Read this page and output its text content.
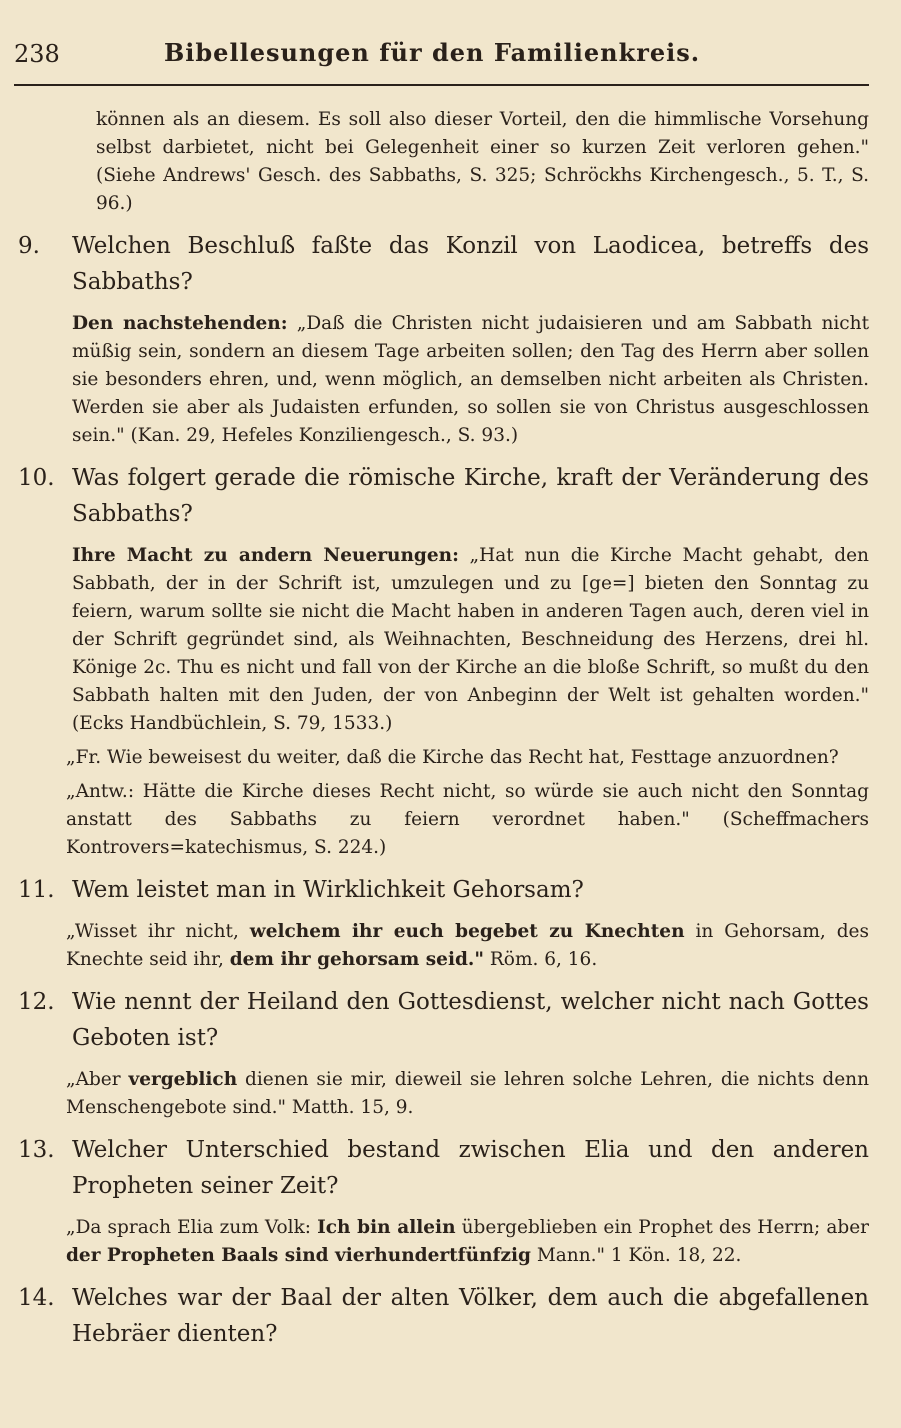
238	Bibellesungen für den Familienkreis.

können als an diesem. Es soll also dieser Vorteil, den die himmlische Vorsehung selbst darbietet, nicht bei Gelegenheit einer so kurzen Zeit verloren gehen." (Siehe Andrews' Gesch. des Sabbaths, S. 325; Schröckhs Kirchengesch., 5. T., S. 96.)

9. Welchen Beschluß faßte das Konzil von Laodicea, betreffs des Sabbaths?

Den nachstehenden: „Daß die Christen nicht judaisieren und am Sabbath nicht müßig sein, sondern an diesem Tage arbeiten sollen; den Tag des Herrn aber sollen sie besonders ehren, und, wenn möglich, an demselben nicht arbeiten als Christen. Werden sie aber als Judaisten erfunden, so sollen sie von Christus ausgeschlossen sein." (Kan. 29, Hefeles Konziliengesch., S. 93.)

10. Was folgert gerade die römische Kirche, kraft der Veränderung des Sabbaths?

Ihre Macht zu andern Neuerungen: „Hat nun die Kirche Macht gehabt, den Sabbath, der in der Schrift ist, umzulegen und zu [ge=] bieten den Sonntag zu feiern, warum sollte sie nicht die Macht haben in anderen Tagen auch, deren viel in der Schrift gegründet sind, als Weihnachten, Beschneidung des Herzens, drei hl. Könige 2c. Thu es nicht und fall von der Kirche an die bloße Schrift, so mußt du den Sabbath halten mit den Juden, der von Anbeginn der Welt ist gehalten worden." (Ecks Handbüchlein, S. 79, 1533.)

„Fr. Wie beweisest du weiter, daß die Kirche das Recht hat, Festtage anzuordnen?

„Antw.: Hätte die Kirche dieses Recht nicht, so würde sie auch nicht den Sonntag anstatt des Sabbaths zu feiern verordnet haben." (Scheffmachers Kontrovers=katechismus, S. 224.)

11. Wem leistet man in Wirklichkeit Gehorsam?

„Wisset ihr nicht, welchem ihr euch begebet zu Knechten in Gehorsam, des Knechte seid ihr, dem ihr gehorsam seid." Röm. 6, 16.

12. Wie nennt der Heiland den Gottesdienst, welcher nicht nach Gottes Geboten ist?

„Aber vergeblich dienen sie mir, dieweil sie lehren solche Lehren, die nichts denn Menschengebote sind." Matth. 15, 9.

13. Welcher Unterschied bestand zwischen Elia und den anderen Propheten seiner Zeit?

„Da sprach Elia zum Volk: Ich bin allein übergeblieben ein Prophet des Herrn; aber der Propheten Baals sind vierhundertfünfzig Mann." 1 Kön. 18, 22.

14. Welches war der Baal der alten Völker, dem auch die abgefallenen Hebräer dienten?
